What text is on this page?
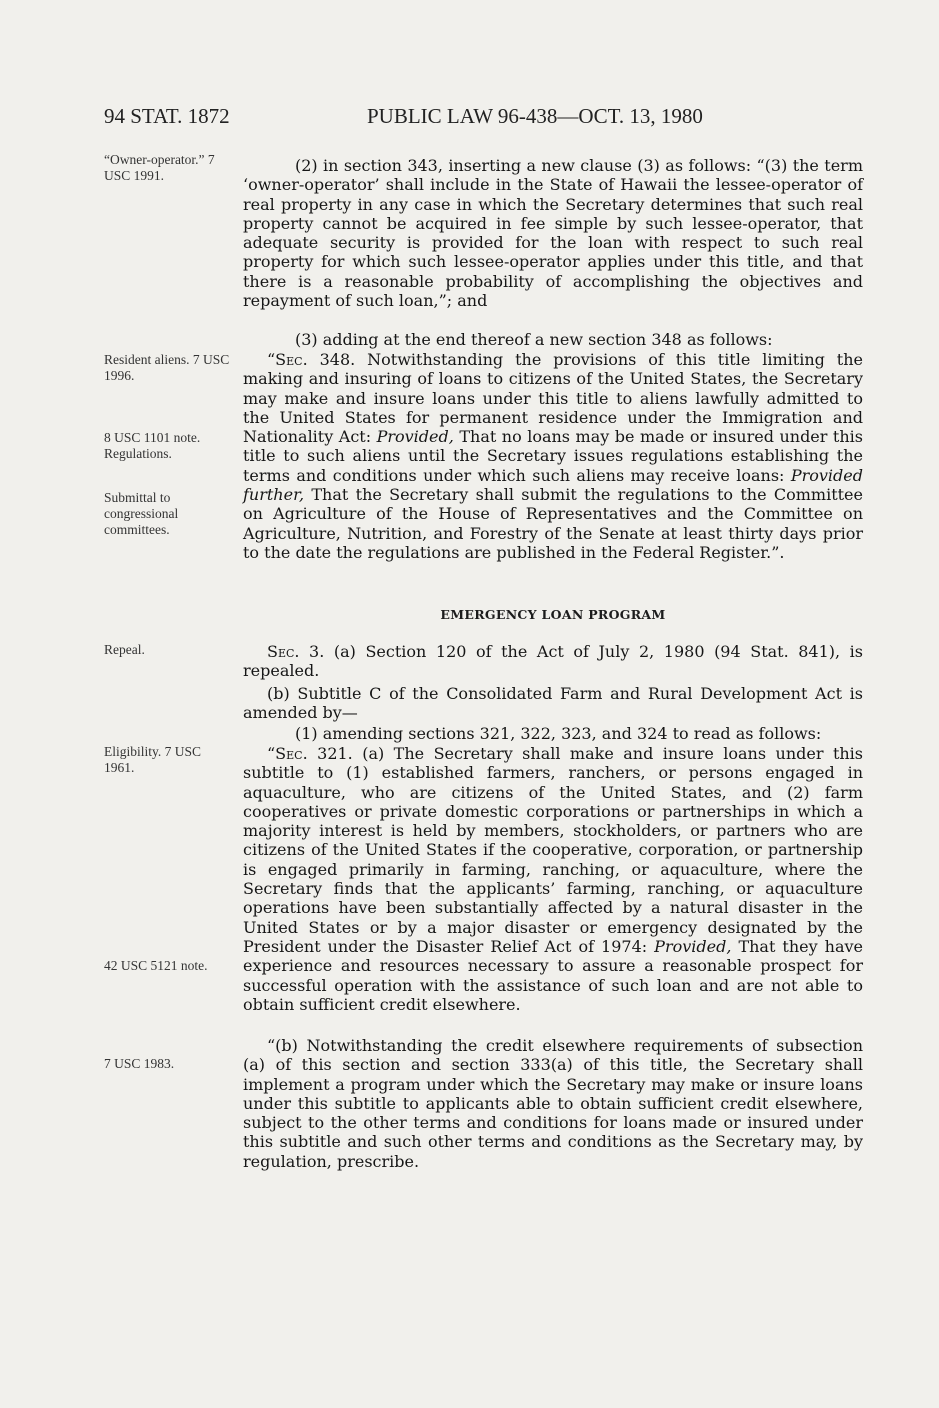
94 STAT. 1872	PUBLIC LAW 96-438—OCT. 13, 1980
“Owner-operator.” 7 USC 1991.
Resident aliens. 7 USC 1996.
8 USC 1101 note. Regulations.
Submittal to congressional committees.
Repeal.
Eligibility. 7 USC 1961.
42 USC 5121 note.
7 USC 1983.
(2) in section 343, inserting a new clause (3) as follows: “(3) the term ‘owner-operator’ shall include in the State of Hawaii the lessee-operator of real property in any case in which the Secretary determines that such real property cannot be acquired in fee simple by such lessee-operator, that adequate security is provided for the loan with respect to such real property for which such lessee-operator applies under this title, and that there is a reasonable probability of accomplishing the objectives and repayment of such loan,”; and
(3) adding at the end thereof a new section 348 as follows:
“Sec. 348. Notwithstanding the provisions of this title limiting the making and insuring of loans to citizens of the United States, the Secretary may make and insure loans under this title to aliens lawfully admitted to the United States for permanent residence under the Immigration and Nationality Act: Provided, That no loans may be made or insured under this title to such aliens until the Secretary issues regulations establishing the terms and conditions under which such aliens may receive loans: Provided further, That the Secretary shall submit the regulations to the Committee on Agriculture of the House of Representatives and the Committee on Agriculture, Nutrition, and Forestry of the Senate at least thirty days prior to the date the regulations are published in the Federal Register.”.
EMERGENCY LOAN PROGRAM
Sec. 3. (a) Section 120 of the Act of July 2, 1980 (94 Stat. 841), is repealed.
(b) Subtitle C of the Consolidated Farm and Rural Development Act is amended by—
(1) amending sections 321, 322, 323, and 324 to read as follows:
“Sec. 321. (a) The Secretary shall make and insure loans under this subtitle to (1) established farmers, ranchers, or persons engaged in aquaculture, who are citizens of the United States, and (2) farm cooperatives or private domestic corporations or partnerships in which a majority interest is held by members, stockholders, or partners who are citizens of the United States if the cooperative, corporation, or partnership is engaged primarily in farming, ranching, or aquaculture, where the Secretary finds that the applicants’ farming, ranching, or aquaculture operations have been substantially affected by a natural disaster in the United States or by a major disaster or emergency designated by the President under the Disaster Relief Act of 1974: Provided, That they have experience and resources necessary to assure a reasonable prospect for successful operation with the assistance of such loan and are not able to obtain sufficient credit elsewhere.
“(b) Notwithstanding the credit elsewhere requirements of subsection (a) of this section and section 333(a) of this title, the Secretary shall implement a program under which the Secretary may make or insure loans under this subtitle to applicants able to obtain sufficient credit elsewhere, subject to the other terms and conditions for loans made or insured under this subtitle and such other terms and conditions as the Secretary may, by regulation, prescribe.
